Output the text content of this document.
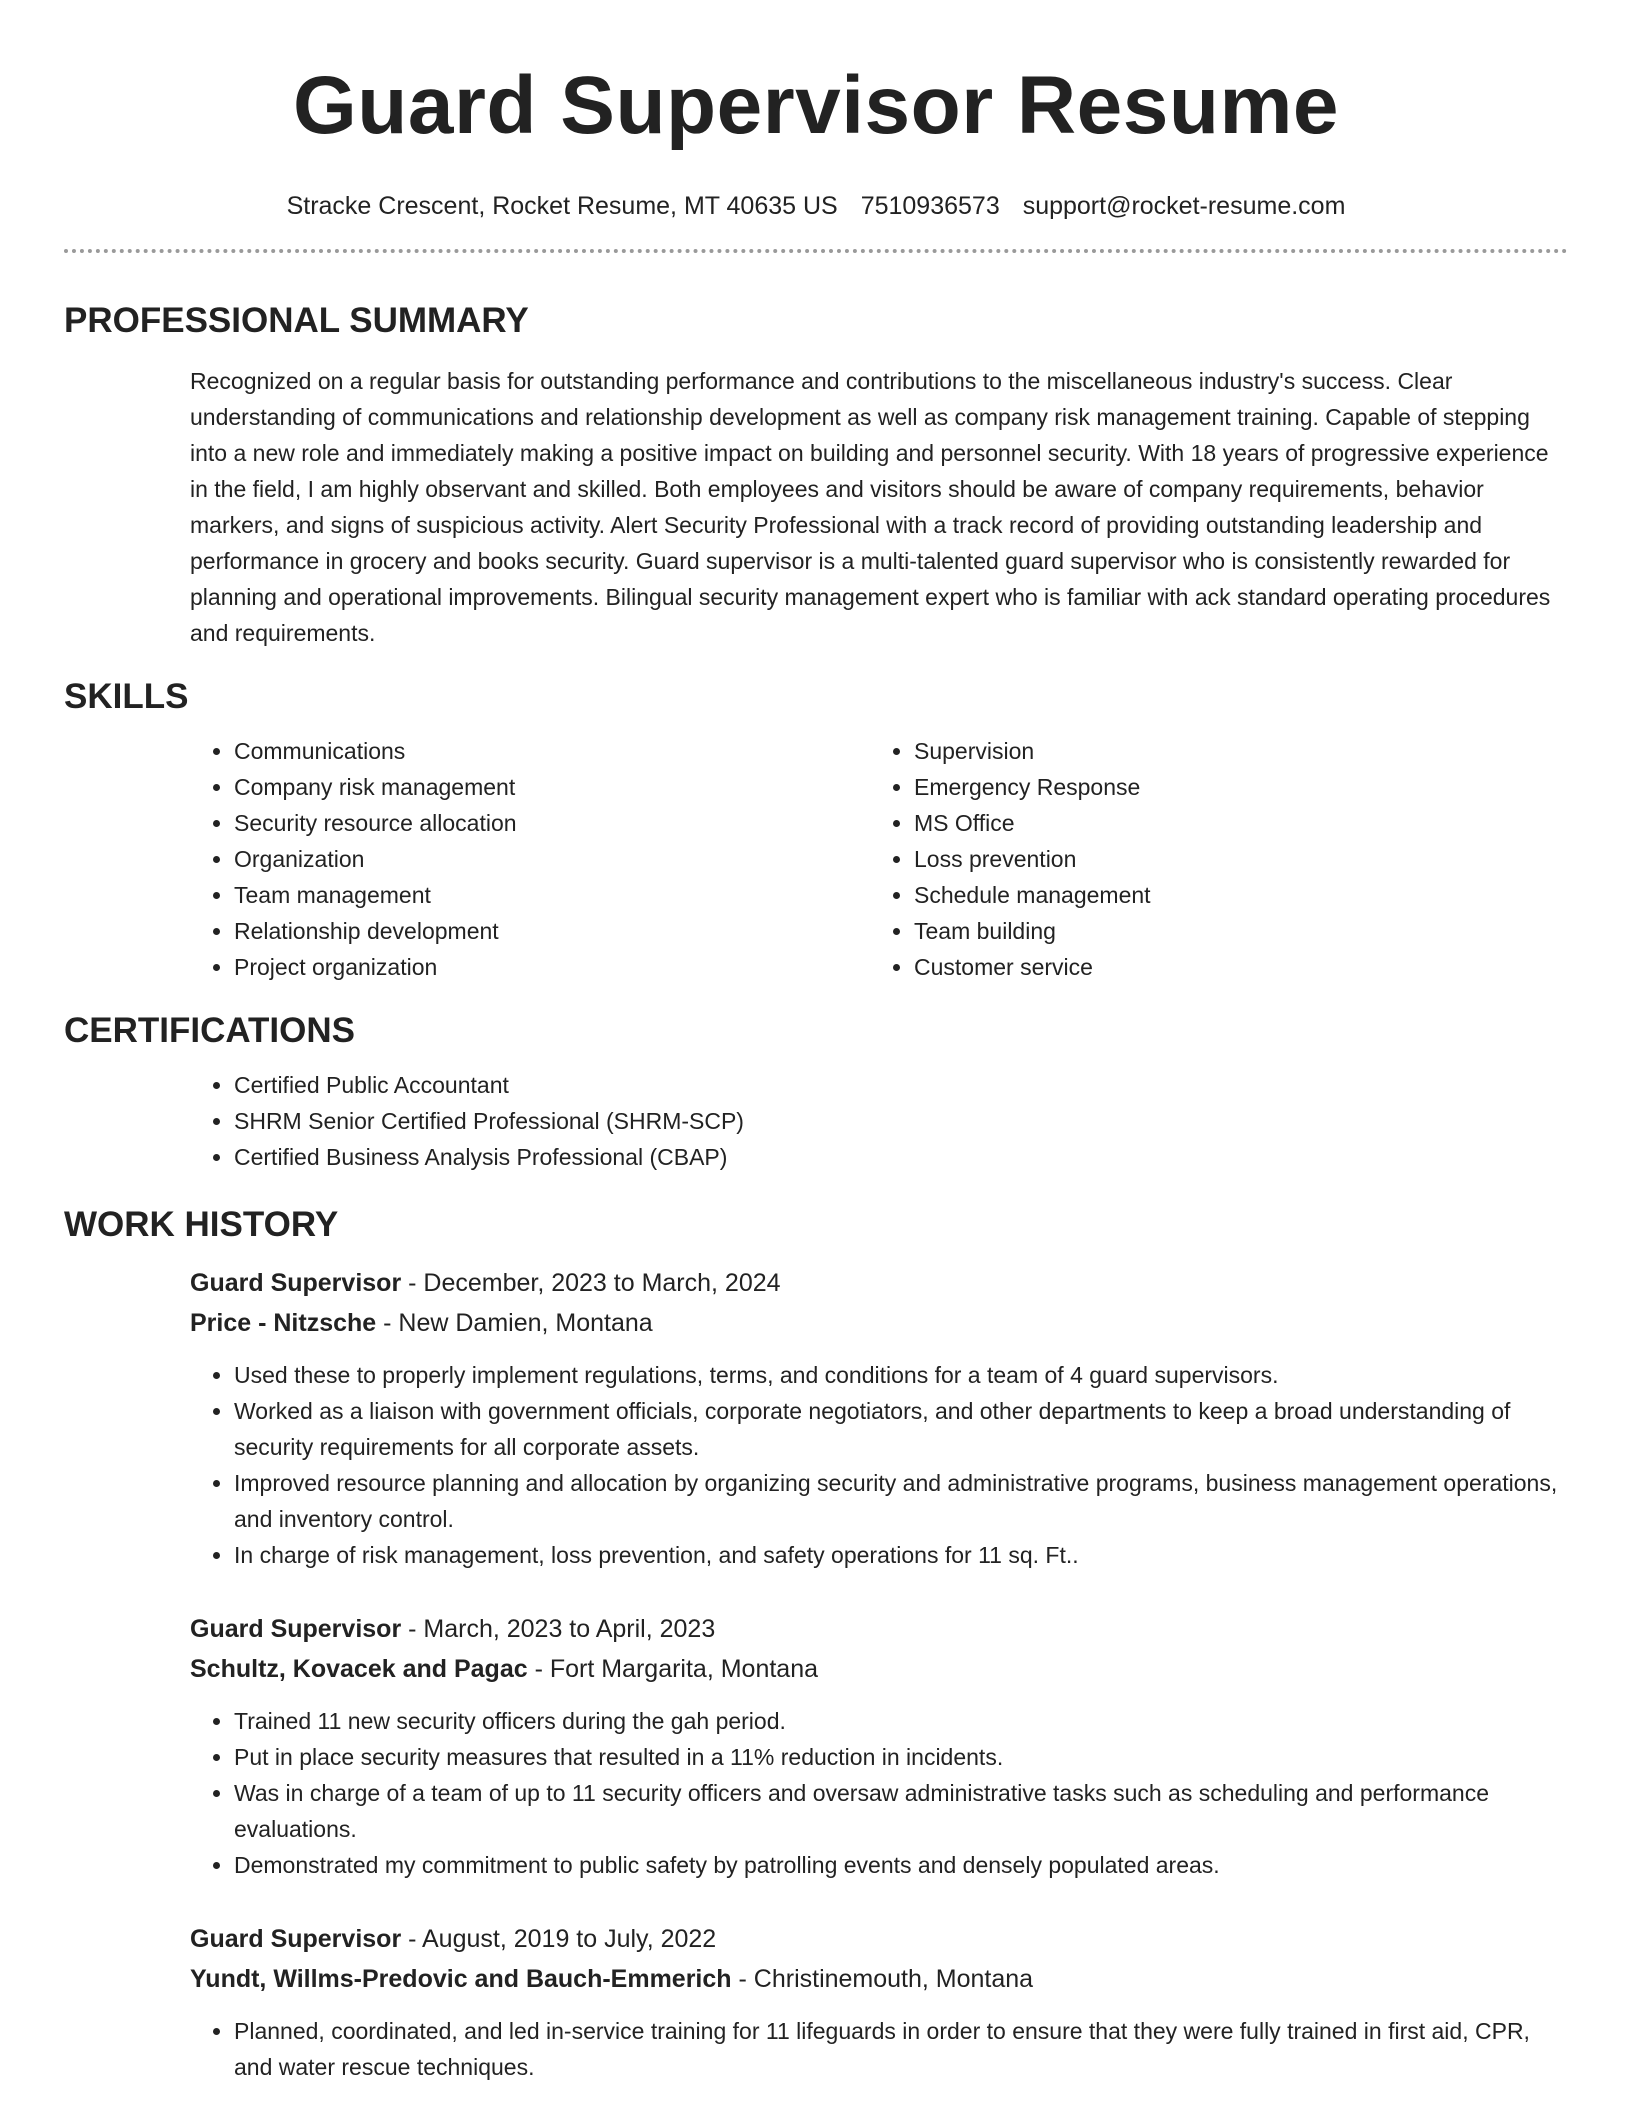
Guard Supervisor Resume
Stracke Crescent, Rocket Resume, MT 40635 US 7510936573 support@rocket-resume.com
PROFESSIONAL SUMMARY
Recognized on a regular basis for outstanding performance and contributions to the miscellaneous industry's success. Clear understanding of communications and relationship development as well as company risk management training. Capable of stepping into a new role and immediately making a positive impact on building and personnel security. With 18 years of progressive experience in the field, I am highly observant and skilled. Both employees and visitors should be aware of company requirements, behavior markers, and signs of suspicious activity. Alert Security Professional with a track record of providing outstanding leadership and performance in grocery and books security. Guard supervisor is a multi-talented guard supervisor who is consistently rewarded for planning and operational improvements. Bilingual security management expert who is familiar with ack standard operating procedures and requirements.
SKILLS
• Communications
• Company risk management
• Security resource allocation
• Organization
• Team management
• Relationship development
• Project organization
• Supervision
• Emergency Response
• MS Office
• Loss prevention
• Schedule management
• Team building
• Customer service
CERTIFICATIONS
• Certified Public Accountant
• SHRM Senior Certified Professional (SHRM-SCP)
• Certified Business Analysis Professional (CBAP)
WORK HISTORY
Guard Supervisor - December, 2023 to March, 2024
Price - Nitzsche - New Damien, Montana
• Used these to properly implement regulations, terms, and conditions for a team of 4 guard supervisors.
• Worked as a liaison with government officials, corporate negotiators, and other departments to keep a broad understanding of security requirements for all corporate assets.
• Improved resource planning and allocation by organizing security and administrative programs, business management operations, and inventory control.
• In charge of risk management, loss prevention, and safety operations for 11 sq. Ft..
Guard Supervisor - March, 2023 to April, 2023
Schultz, Kovacek and Pagac - Fort Margarita, Montana
• Trained 11 new security officers during the gah period.
• Put in place security measures that resulted in a 11% reduction in incidents.
• Was in charge of a team of up to 11 security officers and oversaw administrative tasks such as scheduling and performance evaluations.
• Demonstrated my commitment to public safety by patrolling events and densely populated areas.
Guard Supervisor - August, 2019 to July, 2022
Yundt, Willms-Predovic and Bauch-Emmerich - Christinemouth, Montana
• Planned, coordinated, and led in-service training for 11 lifeguards in order to ensure that they were fully trained in first aid, CPR, and water rescue techniques.
